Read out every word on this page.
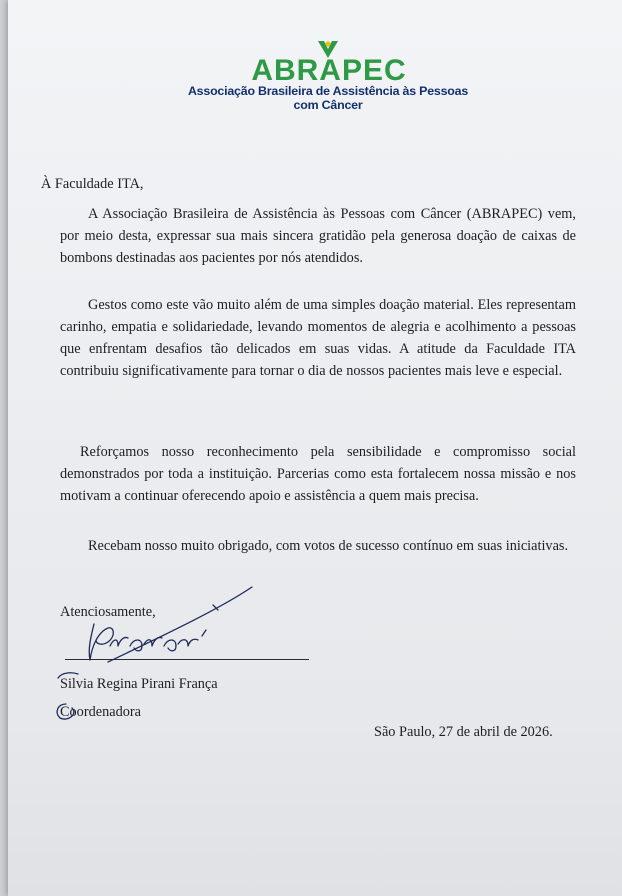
ABRAPEC
Associação Brasileira de Assistência às Pessoas com Câncer
À Faculdade ITA,
A Associação Brasileira de Assistência às Pessoas com Câncer (ABRAPEC) vem, por meio desta, expressar sua mais sincera gratidão pela generosa doação de caixas de bombons destinadas aos pacientes por nós atendidos.
Gestos como este vão muito além de uma simples doação material. Eles representam carinho, empatia e solidariedade, levando momentos de alegria e acolhimento a pessoas que enfrentam desafios tão delicados em suas vidas. A atitude da Faculdade ITA contribuiu significativamente para tornar o dia de nossos pacientes mais leve e especial.
Reforçamos nosso reconhecimento pela sensibilidade e compromisso social demonstrados por toda a instituição. Parcerias como esta fortalecem nossa missão e nos motivam a continuar oferecendo apoio e assistência a quem mais precisa.
Recebam nosso muito obrigado, com votos de sucesso contínuo em suas iniciativas.
Atenciosamente,
Silvia Regina Pirani França
Coordenadora
São Paulo, 27 de abril de 2026.
